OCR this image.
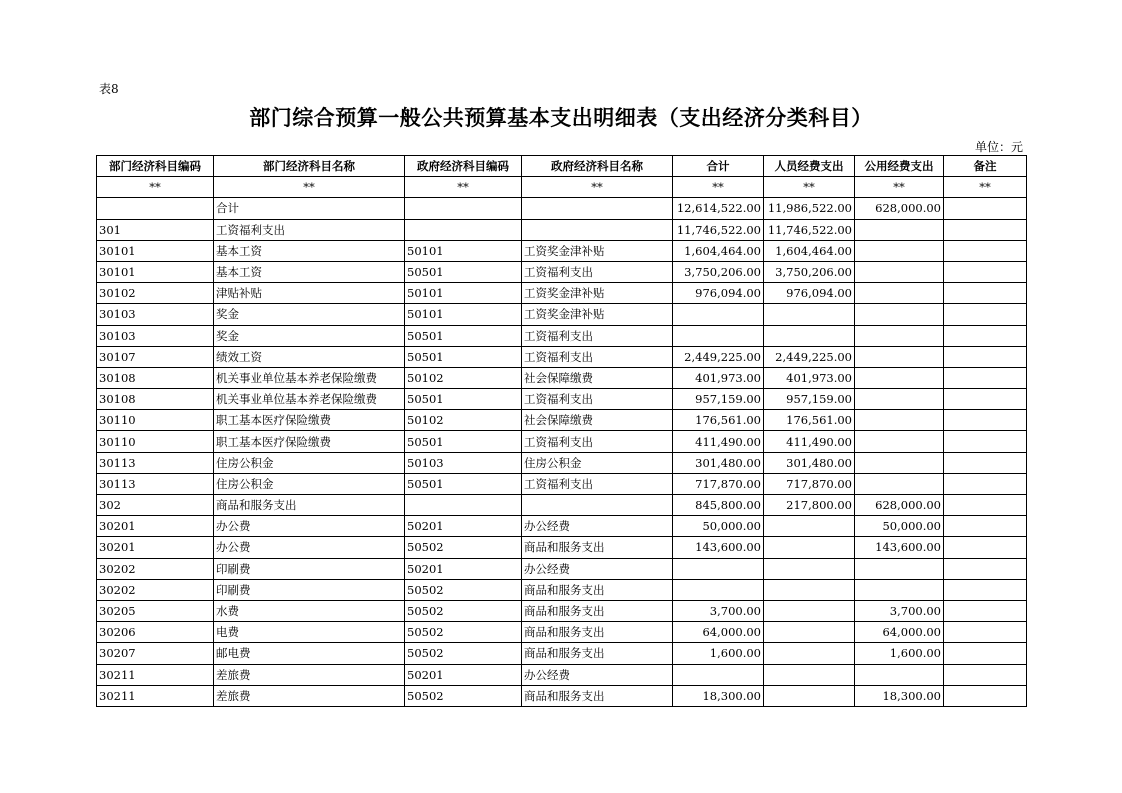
表8
部门综合预算一般公共预算基本支出明细表（支出经济分类科目）
单位：元
部门经济科目编码	部门经济科目名称	政府经济科目编码	政府经济科目名称	合计	人员经费支出	公用经费支出	备注
**	**	**	**	**	**	**	**
	合计			12,614,522.00	11,986,522.00	628,000.00	
301	工资福利支出			11,746,522.00	11,746,522.00		
30101	基本工资	50101	工资奖金津补贴	1,604,464.00	1,604,464.00		
30101	基本工资	50501	工资福利支出	3,750,206.00	3,750,206.00		
30102	津贴补贴	50101	工资奖金津补贴	976,094.00	976,094.00		
30103	奖金	50101	工资奖金津补贴				
30103	奖金	50501	工资福利支出				
30107	绩效工资	50501	工资福利支出	2,449,225.00	2,449,225.00		
30108	机关事业单位基本养老保险缴费	50102	社会保障缴费	401,973.00	401,973.00		
30108	机关事业单位基本养老保险缴费	50501	工资福利支出	957,159.00	957,159.00		
30110	职工基本医疗保险缴费	50102	社会保障缴费	176,561.00	176,561.00		
30110	职工基本医疗保险缴费	50501	工资福利支出	411,490.00	411,490.00		
30113	住房公积金	50103	住房公积金	301,480.00	301,480.00		
30113	住房公积金	50501	工资福利支出	717,870.00	717,870.00		
302	商品和服务支出			845,800.00	217,800.00	628,000.00	
30201	办公费	50201	办公经费	50,000.00		50,000.00	
30201	办公费	50502	商品和服务支出	143,600.00		143,600.00	
30202	印刷费	50201	办公经费				
30202	印刷费	50502	商品和服务支出				
30205	水费	50502	商品和服务支出	3,700.00		3,700.00	
30206	电费	50502	商品和服务支出	64,000.00		64,000.00	
30207	邮电费	50502	商品和服务支出	1,600.00		1,600.00	
30211	差旅费	50201	办公经费				
30211	差旅费	50502	商品和服务支出	18,300.00		18,300.00	
